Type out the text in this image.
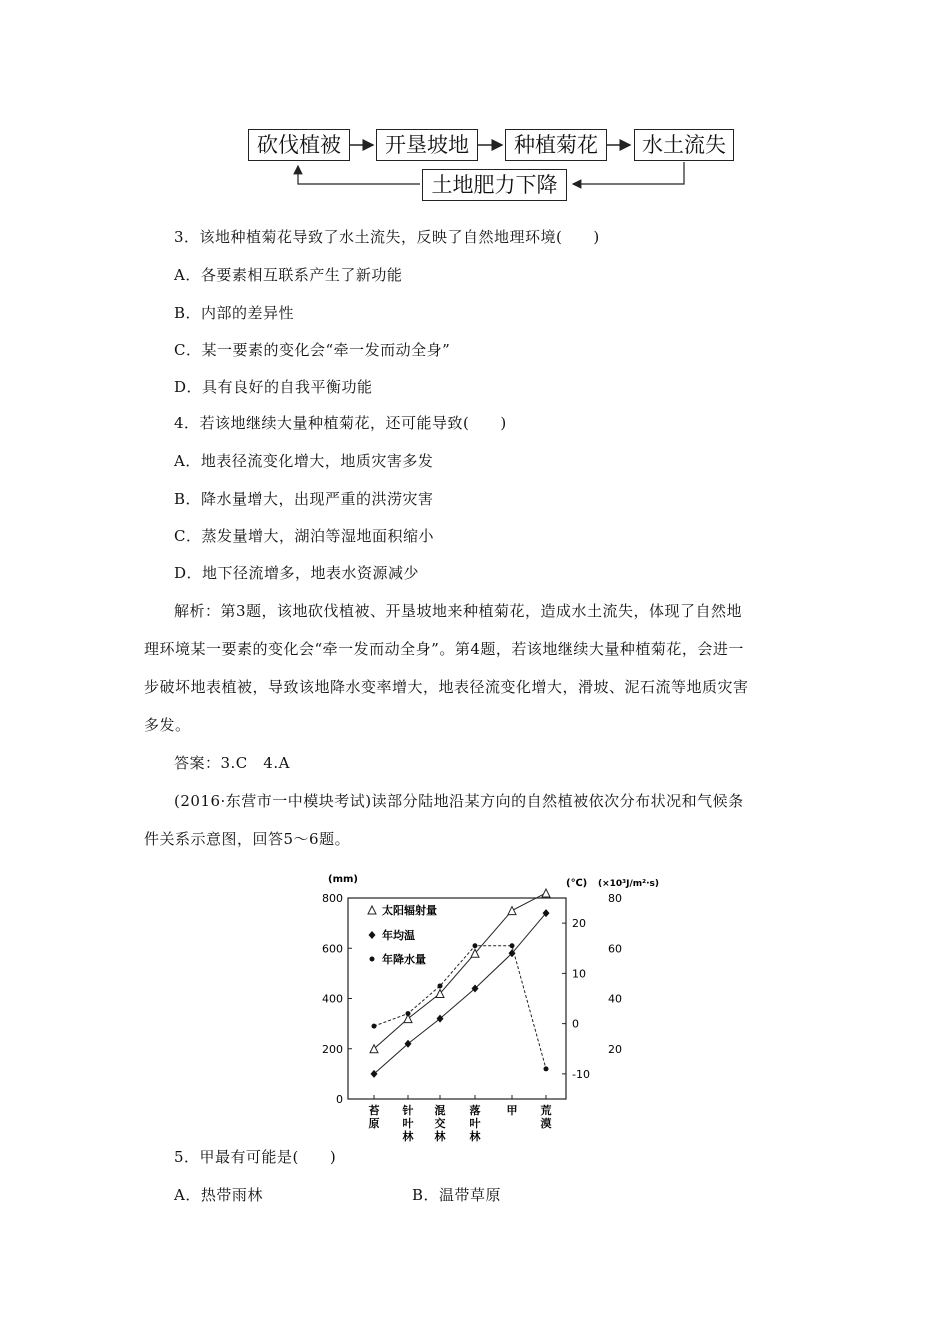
砍伐植被	开垦坡地	种植菊花	水土流失
土地肥力下降
3．该地种植菊花导致了水土流失，反映了自然地理环境(　　)
A．各要素相互联系产生了新功能
B．内部的差异性
C．某一要素的变化会“牵一发而动全身”
D．具有良好的自我平衡功能
4．若该地继续大量种植菊花，还可能导致(　　)
A．地表径流变化增大，地质灾害多发
B．降水量增大，出现严重的洪涝灾害
C．蒸发量增大，湖泊等湿地面积缩小
D．地下径流增多，地表水资源减少
解析：第3题，该地砍伐植被、开垦坡地来种植菊花，造成水土流失，体现了自然地
理环境某一要素的变化会“牵一发而动全身”。第4题，若该地继续大量种植菊花，会进一
步破坏地表植被，导致该地降水变率增大，地表径流变化增大，滑坡、泥石流等地质灾害
多发。
答案：3.C　4.A
(2016·东营市一中模块考试)读部分陆地沿某方向的自然植被依次分布状况和气候条
件关系示意图，回答5～6题。
(mm)
0
200
400
600
800
(℃)
-10
0
10
20
(×10³J/m²·s)
20
40
60
80
苔
原
针
叶
林
混
交
林
落
叶
林
甲 荒
漠
太阳辐射量
年均温
年降水量
5．甲最有可能是(　　)
A．热带雨林	B．温带草原
